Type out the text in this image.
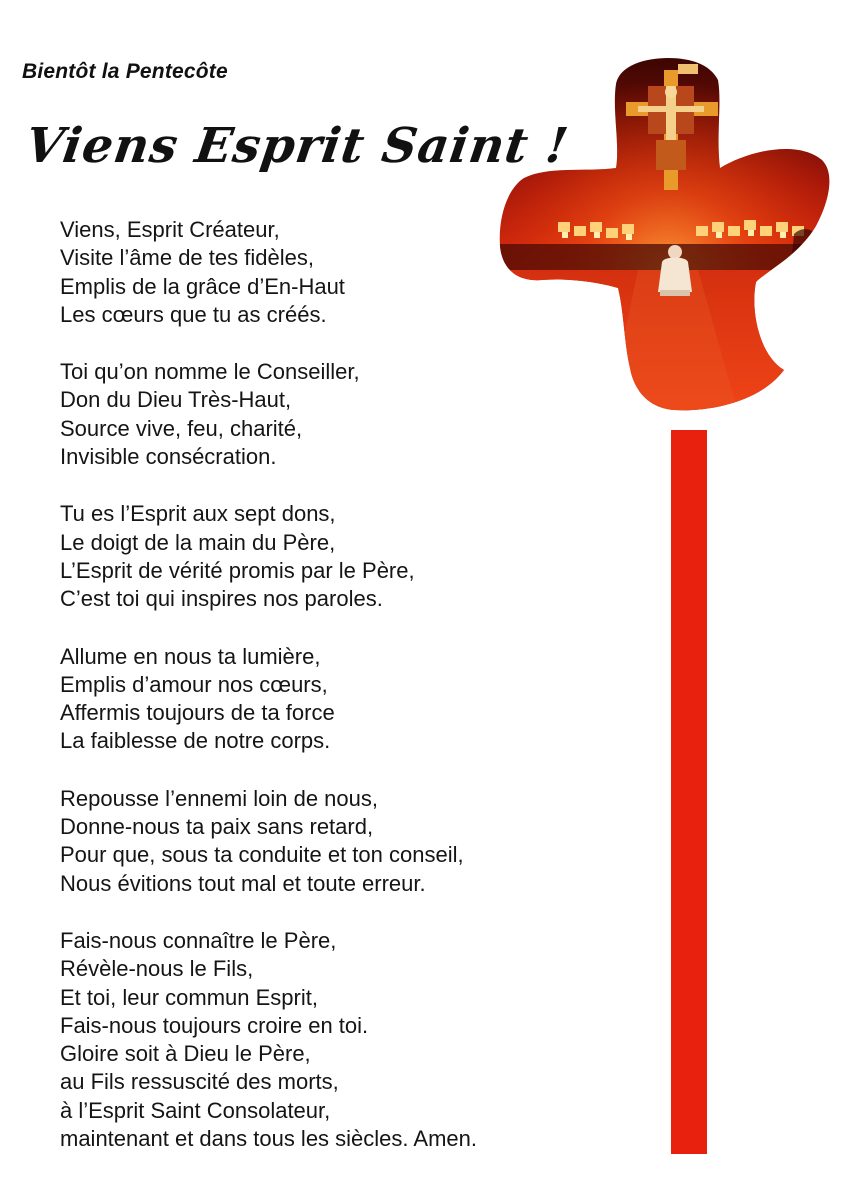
Bientôt la Pentecôte
Viens Esprit Saint !
Viens, Esprit Créateur,
Visite l’âme de tes fidèles,
Emplis de la grâce d’En-Haut
Les cœurs que tu as créés.
Toi qu’on nomme le Conseiller,
Don du Dieu Très-Haut,
Source vive, feu, charité,
Invisible consécration.
Tu es l’Esprit aux sept dons,
Le doigt de la main du Père,
L’Esprit de vérité promis par le Père,
C’est toi qui inspires nos paroles.
Allume en nous ta lumière,
Emplis d’amour nos cœurs,
Affermis toujours de ta force
La faiblesse de notre corps.
Repousse l’ennemi loin de nous,
Donne-nous ta paix sans retard,
Pour que, sous ta conduite et ton conseil,
Nous évitions tout mal et toute erreur.
Fais-nous connaître le Père,
Révèle-nous le Fils,
Et toi, leur commun Esprit,
Fais-nous toujours croire en toi.
Gloire soit à Dieu le Père,
au Fils ressuscité des morts,
à l’Esprit Saint Consolateur,
maintenant et dans tous les siècles. Amen.
